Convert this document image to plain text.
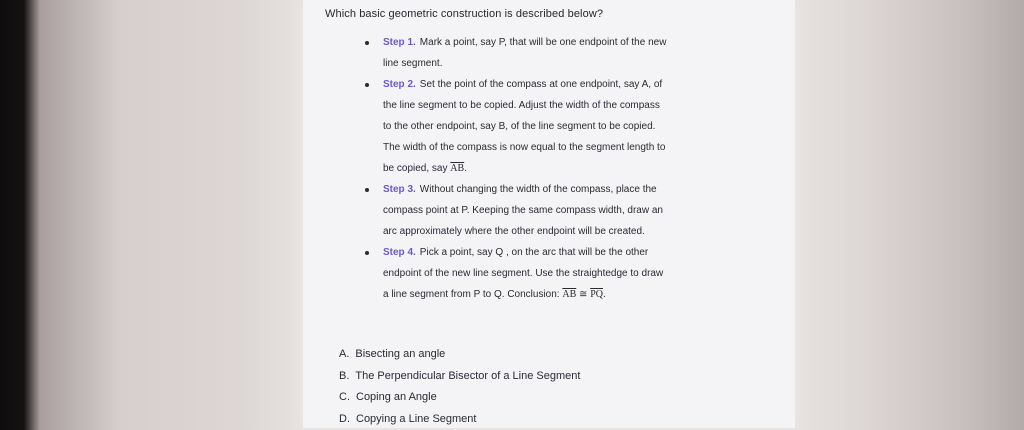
Which basic geometric construction is described below?
Step 1. Mark a point, say P, that will be one endpoint of the new
line segment.
Step 2. Set the point of the compass at one endpoint, say A, of
the line segment to be copied. Adjust the width of the compass
to the other endpoint, say B, of the line segment to be copied.
The width of the compass is now equal to the segment length to
be copied, say $\overline{AB}$.
Step 3. Without changing the width of the compass, place the
compass point at P. Keeping the same compass width, draw an
arc approximately where the other endpoint will be created.
Step 4. Pick a point, say Q , on the arc that will be the other
endpoint of the new line segment. Use the straightedge to draw
a line segment from P to Q. Conclusion: $\overline{AB}$ ≅ $\overline{PQ}$.
A. Bisecting an angle
B. The Perpendicular Bisector of a Line Segment
C. Coping an Angle
D. Copying a Line Segment
